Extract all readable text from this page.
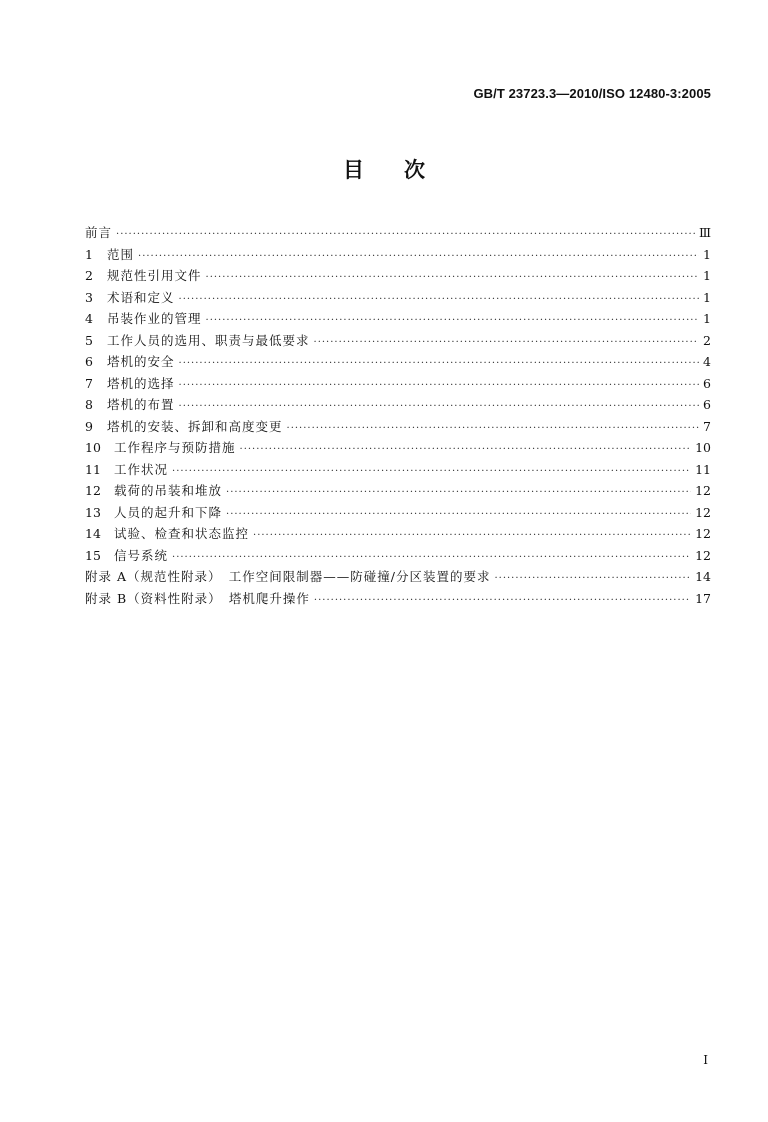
GB/T 23723.3—2010/ISO 12480-3:2005
目次
前言 ·····	Ⅲ
1	范围 ·····	1
2	规范性引用文件 ·····	1
3	术语和定义 ·····	1
4	吊装作业的管理 ·····	1
5	工作人员的选用、职责与最低要求 ·····	2
6	塔机的安全 ·····	4
7	塔机的选择 ·····	6
8	塔机的布置 ·····	6
9	塔机的安装、拆卸和高度变更 ·····	7
10	工作程序与预防措施 ·····	10
11	工作状况 ·····	11
12	载荷的吊装和堆放 ·····	12
13	人员的起升和下降 ·····	12
14	试验、检查和状态监控 ·····	12
15	信号系统 ·····	12
附录 A（规范性附录）　工作空间限制器——防碰撞/分区装置的要求 ·····	14
附录 B（资料性附录）　塔机爬升操作 ·····	17
I
